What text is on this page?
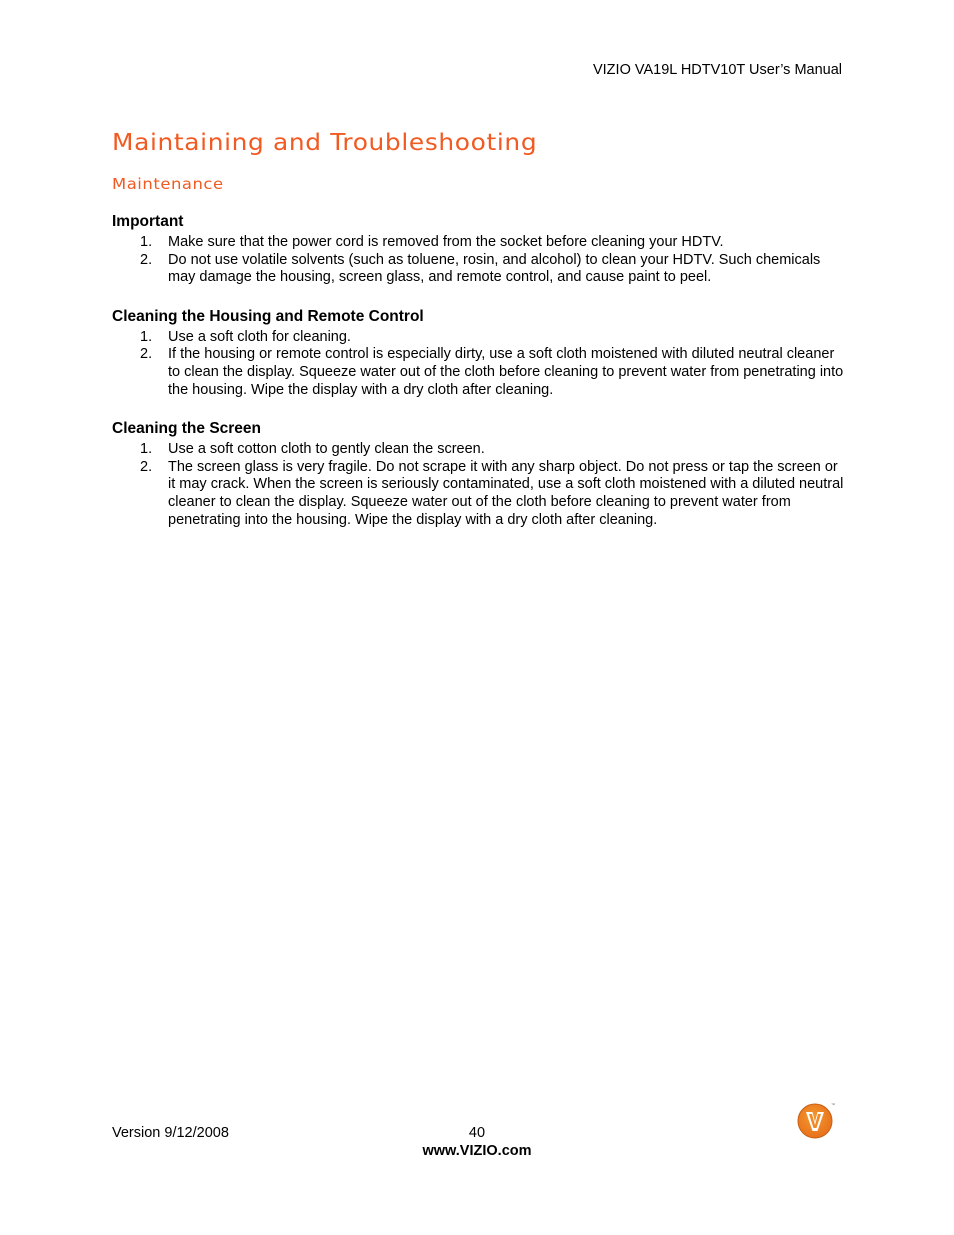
VIZIO VA19L HDTV10T User’s Manual
Maintaining and Troubleshooting
Maintenance
Important
1. Make sure that the power cord is removed from the socket before cleaning your HDTV.
2. Do not use volatile solvents (such as toluene, rosin, and alcohol) to clean your HDTV. Such chemicals may damage the housing, screen glass, and remote control, and cause paint to peel.
Cleaning the Housing and Remote Control
1. Use a soft cloth for cleaning.
2. If the housing or remote control is especially dirty, use a soft cloth moistened with diluted neutral cleaner to clean the display. Squeeze water out of the cloth before cleaning to prevent water from penetrating into the housing. Wipe the display with a dry cloth after cleaning.
Cleaning the Screen
1. Use a soft cotton cloth to gently clean the screen.
2. The screen glass is very fragile. Do not scrape it with any sharp object. Do not press or tap the screen or it may crack. When the screen is seriously contaminated, use a soft cloth moistened with a diluted neutral cleaner to clean the display. Squeeze water out of the cloth before cleaning to prevent water from penetrating into the housing. Wipe the display with a dry cloth after cleaning.
Version 9/12/2008	40
www.VIZIO.com
™
